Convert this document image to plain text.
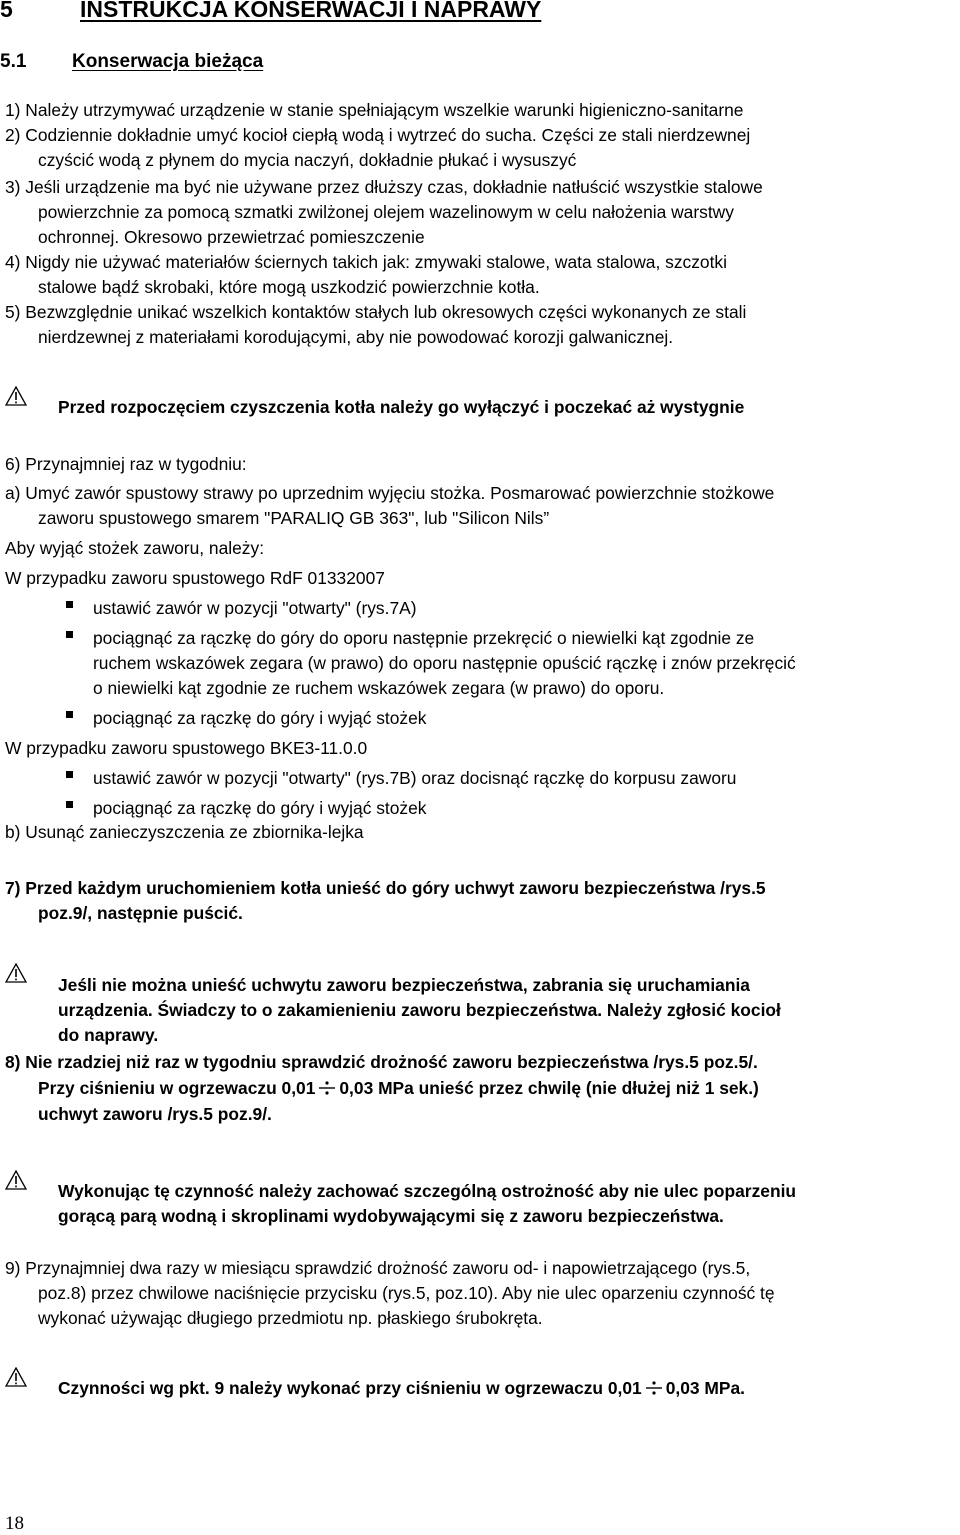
5	INSTRUKCJA KONSERWACJI I NAPRAWY
5.1 Konserwacja bieżąca
1) Należy utrzymywać urządzenie w stanie spełniającym wszelkie warunki higieniczno-sanitarne
2) Codziennie dokładnie umyć kocioł ciepłą wodą i wytrzeć do sucha. Części ze stali nierdzewnej
czyścić wodą z płynem do mycia naczyń, dokładnie płukać i wysuszyć
3) Jeśli urządzenie ma być nie używane przez dłuższy czas, dokładnie natłuścić wszystkie stalowe
powierzchnie za pomocą szmatki zwilżonej olejem wazelinowym w celu nałożenia warstwy
ochronnej. Okresowo przewietrzać pomieszczenie
4) Nigdy nie używać materiałów ściernych takich jak: zmywaki stalowe, wata stalowa, szczotki
stalowe bądź skrobaki, które mogą uszkodzić powierzchnie kotła.
5) Bezwzględnie unikać wszelkich kontaktów stałych lub okresowych części wykonanych ze stali
nierdzewnej z materiałami korodującymi, aby nie powodować korozji galwanicznej.
Przed rozpoczęciem czyszczenia kotła należy go wyłączyć i poczekać aż wystygnie
6) Przynajmniej raz w tygodniu:
a) Umyć zawór spustowy strawy po uprzednim wyjęciu stożka. Posmarować powierzchnie stożkowe
zaworu spustowego smarem "PARALIQ GB 363", lub "Silicon Nils”
Aby wyjąć stożek zaworu, należy:
W przypadku zaworu spustowego RdF 01332007
ustawić zawór w pozycji "otwarty" (rys.7A)
pociągnąć za rączkę do góry do oporu następnie przekręcić o niewielki kąt zgodnie ze
ruchem wskazówek zegara (w prawo) do oporu następnie opuścić rączkę i znów przekręcić
o niewielki kąt zgodnie ze ruchem wskazówek zegara (w prawo) do oporu.
pociągnąć za rączkę do góry i wyjąć stożek
W przypadku zaworu spustowego BKE3-11.0.0
ustawić zawór w pozycji "otwarty" (rys.7B) oraz docisnąć rączkę do korpusu zaworu
pociągnąć za rączkę do góry i wyjąć stożek
b) Usunąć zanieczyszczenia ze zbiornika-lejka
7) Przed każdym uruchomieniem kotła unieść do góry uchwyt zaworu bezpieczeństwa /rys.5
poz.9/, następnie puścić.
Jeśli nie można unieść uchwytu zaworu bezpieczeństwa, zabrania się uruchamiania
urządzenia. Świadczy to o zakamienieniu zaworu bezpieczeństwa. Należy zgłosić kocioł
do naprawy.
8) Nie rzadziej niż raz w tygodniu sprawdzić drożność zaworu bezpieczeństwa /rys.5 poz.5/.
Przy ciśnieniu w ogrzewaczu 0,01 0,03 MPa unieść przez chwilę (nie dłużej niż 1 sek.)
uchwyt zaworu /rys.5 poz.9/.
Wykonując tę czynność należy zachować szczególną ostrożność aby nie ulec poparzeniu
gorącą parą wodną i skroplinami wydobywającymi się z zaworu bezpieczeństwa.
9) Przynajmniej dwa razy w miesiącu sprawdzić drożność zaworu od- i napowietrzającego (rys.5,
poz.8) przez chwilowe naciśnięcie przycisku (rys.5, poz.10). Aby nie ulec oparzeniu czynność tę
wykonać używając długiego przedmiotu np. płaskiego śrubokręta.
Czynności wg pkt. 9 należy wykonać przy ciśnieniu w ogrzewaczu 0,01 0,03 MPa.
18
